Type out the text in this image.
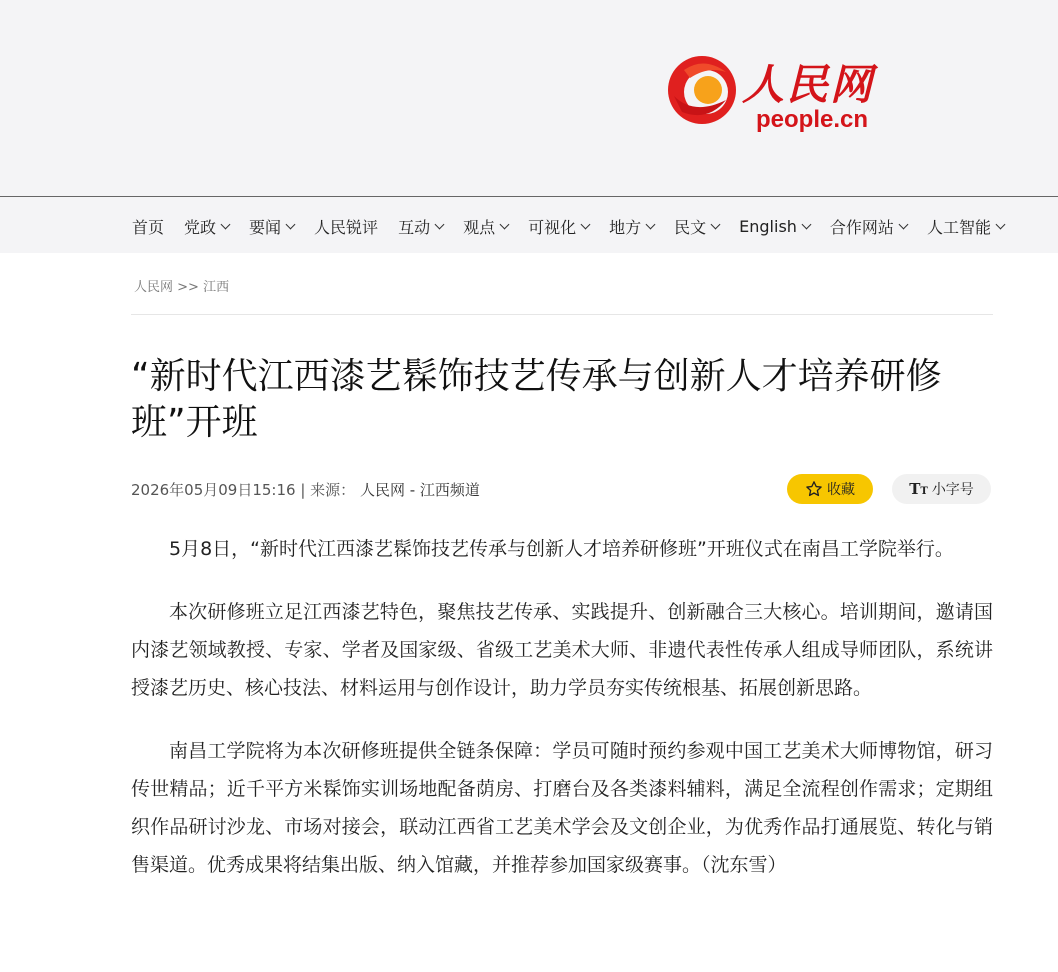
人民网
people.cn
首页 党政 要闻 人民锐评 互动 观点 可视化 地方 民文 English 合作网站 人工智能
人民网 >> 江西
“新时代江西漆艺髹饰技艺传承与创新人才培养研修班”开班
2026年05月09日15:16 | 来源： 人民网 - 江西频道	收藏	TT 小字号

5月8日，“新时代江西漆艺髹饰技艺传承与创新人才培养研修班”开班仪式在南昌工学院举行。

本次研修班立足江西漆艺特色，聚焦技艺传承、实践提升、创新融合三大核心。培训期间，邀请国内漆艺领域教授、专家、学者及国家级、省级工艺美术大师、非遗代表性传承人组成导师团队，系统讲授漆艺历史、核心技法、材料运用与创作设计，助力学员夯实传统根基、拓展创新思路。

南昌工学院将为本次研修班提供全链条保障：学员可随时预约参观中国工艺美术大师博物馆，研习传世精品；近千平方米髹饰实训场地配备荫房、打磨台及各类漆料辅料，满足全流程创作需求；定期组织作品研讨沙龙、市场对接会，联动江西省工艺美术学会及文创企业，为优秀作品打通展览、转化与销售渠道。优秀成果将结集出版、纳入馆藏，并推荐参加国家级赛事。（沈东雪）
